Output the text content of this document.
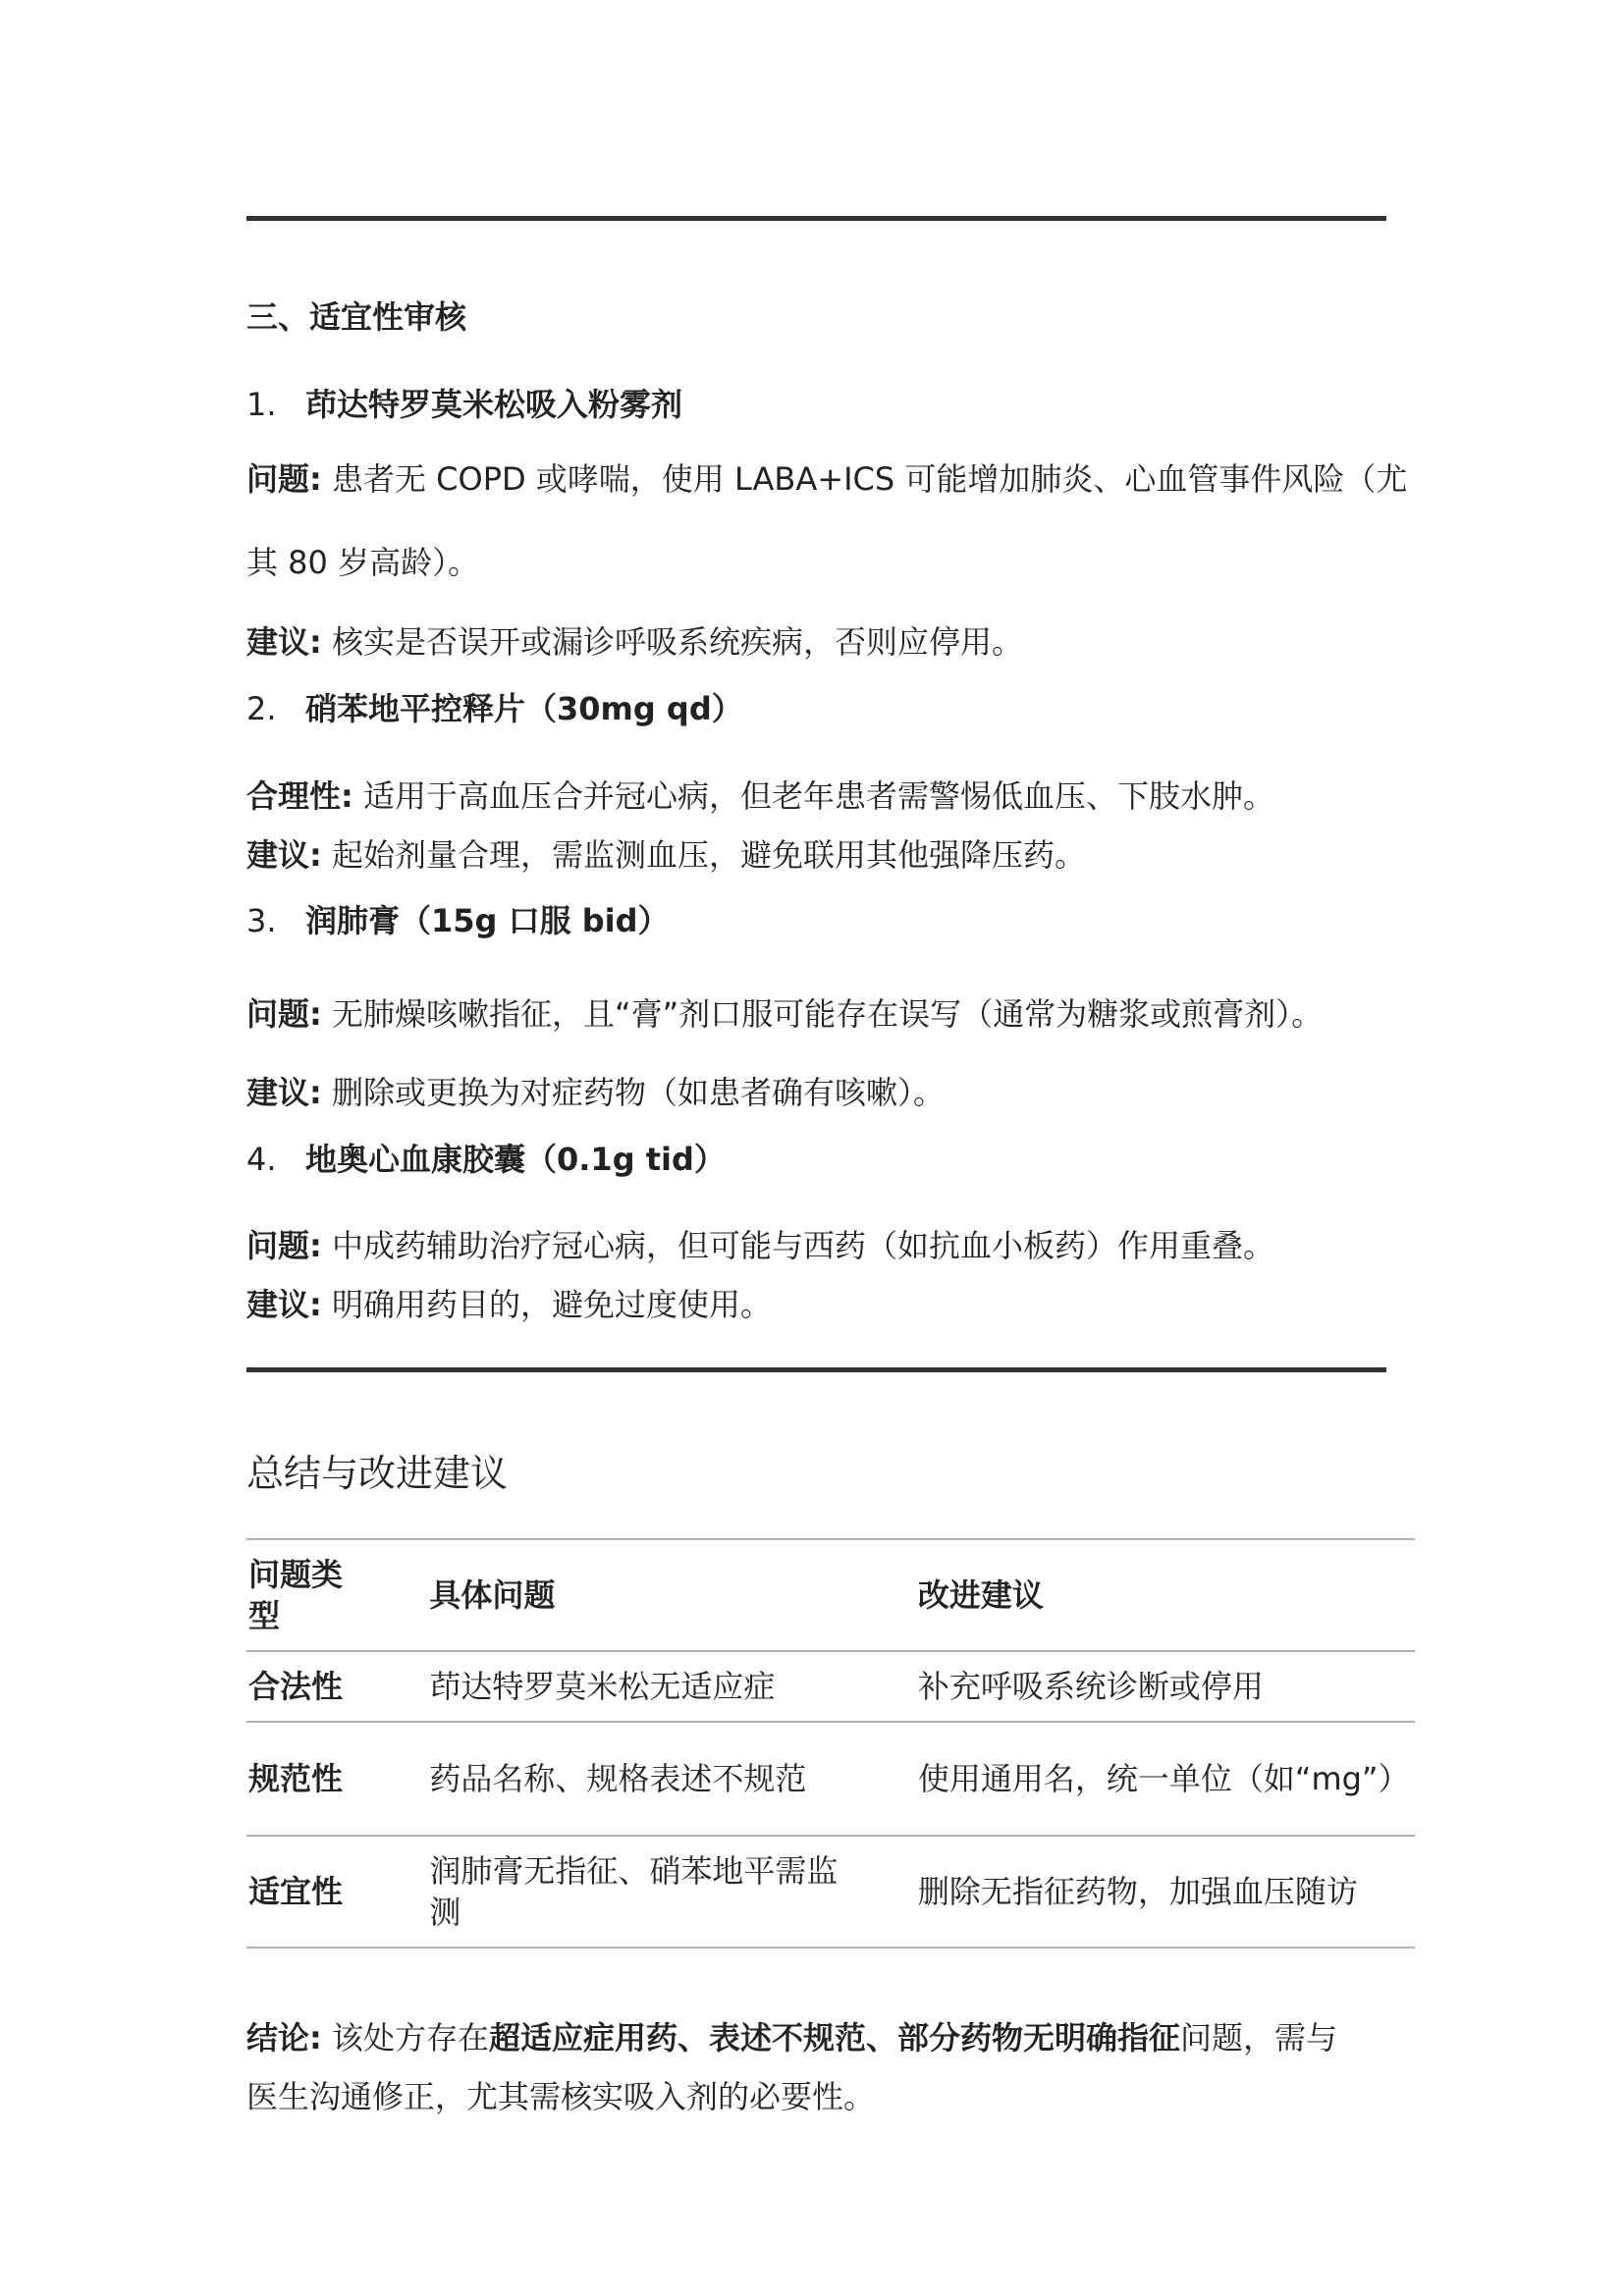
三、适宜性审核
1. 茚达特罗莫米松吸入粉雾剂
问题: 患者无 COPD 或哮喘，使用 LABA+ICS 可能增加肺炎、心血管事件风险（尤
其 80 岁高龄）。
建议: 核实是否误开或漏诊呼吸系统疾病，否则应停用。
2. 硝苯地平控释片（30mg qd）
合理性: 适用于高血压合并冠心病，但老年患者需警惕低血压、下肢水肿。
建议: 起始剂量合理，需监测血压，避免联用其他强降压药。
3. 润肺膏（15g 口服 bid）
问题: 无肺燥咳嗽指征，且“膏”剂口服可能存在误写（通常为糖浆或煎膏剂）。
建议: 删除或更换为对症药物（如患者确有咳嗽）。
4. 地奥心血康胶囊（0.1g tid）
问题: 中成药辅助治疗冠心病，但可能与西药（如抗血小板药）作用重叠。
建议: 明确用药目的，避免过度使用。
总结与改进建议
问题类型	具体问题	改进建议
合法性	茚达特罗莫米松无适应症	补充呼吸系统诊断或停用
规范性	药品名称、规格表述不规范	使用通用名，统一单位（如“mg”）
适宜性	润肺膏无指征、硝苯地平需监测	删除无指征药物，加强血压随访
结论: 该处方存在超适应症用药、表述不规范、部分药物无明确指征问题，需与
医生沟通修正，尤其需核实吸入剂的必要性。
